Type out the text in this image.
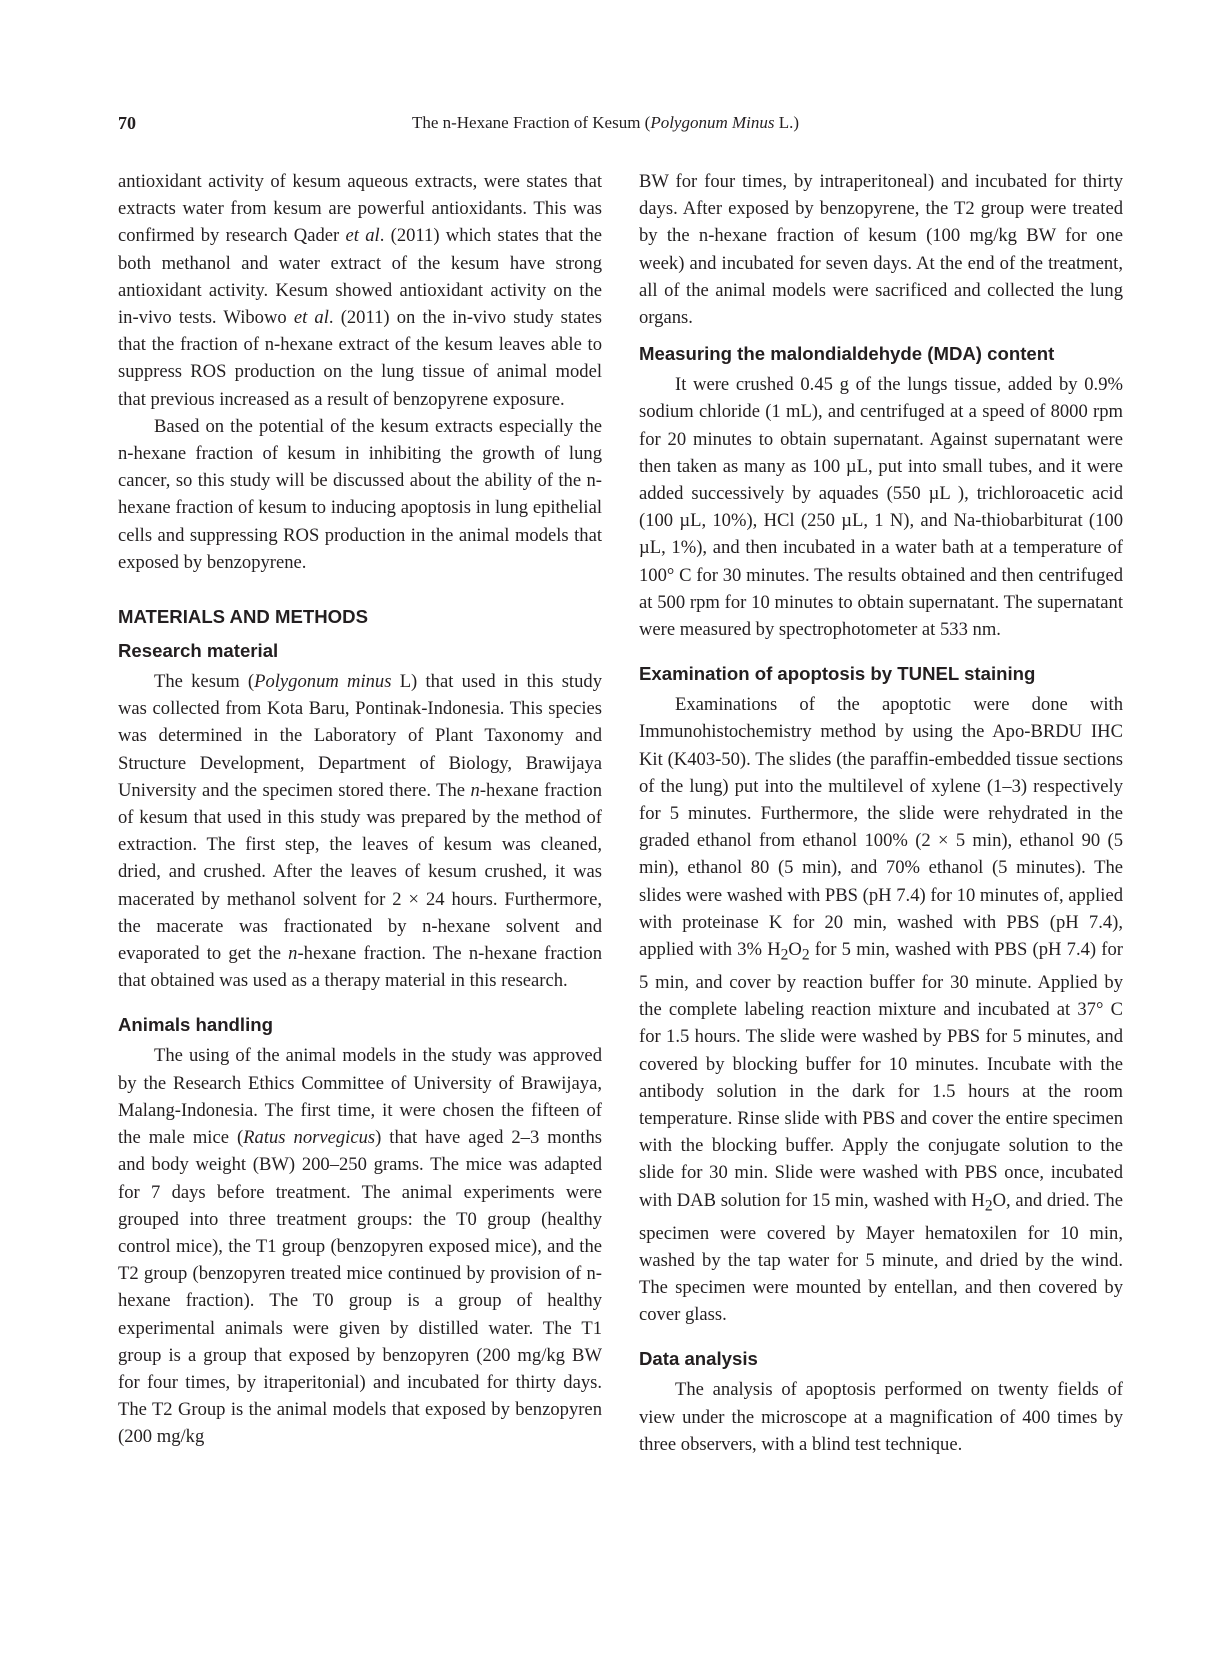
70	The n-Hexane Fraction of Kesum (Polygonum Minus L.)

antioxidant activity of kesum aqueous extracts, were states that extracts water from kesum are powerful antioxidants. This was confirmed by research Qader et al. (2011) which states that the both methanol and water extract of the kesum have strong antioxidant activity. Kesum showed antioxidant activity on the in-vivo tests. Wibowo et al. (2011) on the in-vivo study states that the fraction of n-hexane extract of the kesum leaves able to suppress ROS production on the lung tissue of animal model that previous increased as a result of benzopyrene exposure.

Based on the potential of the kesum extracts especially the n-hexane fraction of kesum in inhibiting the growth of lung cancer, so this study will be discussed about the ability of the n-hexane fraction of kesum to inducing apoptosis in lung epithelial cells and suppressing ROS production in the animal models that exposed by benzopyrene.

MATERIALS AND METHODS
Research material

The kesum (Polygonum minus L) that used in this study was collected from Kota Baru, Pontinak-Indonesia. This species was determined in the Laboratory of Plant Taxonomy and Structure Development, Department of Biology, Brawijaya University and the specimen stored there. The n-hexane fraction of kesum that used in this study was prepared by the method of extraction. The first step, the leaves of kesum was cleaned, dried, and crushed. After the leaves of kesum crushed, it was macerated by methanol solvent for 2 × 24 hours. Furthermore, the macerate was fractionated by n-hexane solvent and evaporated to get the n-hexane fraction. The n-hexane fraction that obtained was used as a therapy material in this research.

Animals handling

The using of the animal models in the study was approved by the Research Ethics Committee of University of Brawijaya, Malang-Indonesia. The first time, it were chosen the fifteen of the male mice (Ratus norvegicus) that have aged 2–3 months and body weight (BW) 200–250 grams. The mice was adapted for 7 days before treatment. The animal experiments were grouped into three treatment groups: the T0 group (healthy control mice), the T1 group (benzopyren exposed mice), and the T2 group (benzopyren treated mice continued by provision of n-hexane fraction). The T0 group is a group of healthy experimental animals were given by distilled water. The T1 group is a group that exposed by benzopyren (200 mg/kg BW for four times, by itraperitonial) and incubated for thirty days. The T2 Group is the animal models that exposed by benzopyren (200 mg/kg

BW for four times, by intraperitoneal) and incubated for thirty days. After exposed by benzopyrene, the T2 group were treated by the n-hexane fraction of kesum (100 mg/kg BW for one week) and incubated for seven days. At the end of the treatment, all of the animal models were sacrificed and collected the lung organs.

Measuring the malondialdehyde (MDA) content

It were crushed 0.45 g of the lungs tissue, added by 0.9% sodium chloride (1 mL), and centrifuged at a speed of 8000 rpm for 20 minutes to obtain supernatant. Against supernatant were then taken as many as 100 µL, put into small tubes, and it were added successively by aquades (550 µL ), trichloroacetic acid (100 µL, 10%), HCl (250 µL, 1 N), and Na-thiobarbiturat (100 µL, 1%), and then incubated in a water bath at a temperature of 100° C for 30 minutes. The results obtained and then centrifuged at 500 rpm for 10 minutes to obtain supernatant. The supernatant were measured by spectrophotometer at 533 nm.

Examination of apoptosis by TUNEL staining

Examinations of the apoptotic were done with Immunohistochemistry method by using the Apo-BRDU IHC Kit (K403-50). The slides (the paraffin-embedded tissue sections of the lung) put into the multilevel of xylene (1–3) respectively for 5 minutes. Furthermore, the slide were rehydrated in the graded ethanol from ethanol 100% (2 × 5 min), ethanol 90 (5 min), ethanol 80 (5 min), and 70% ethanol (5 minutes). The slides were washed with PBS (pH 7.4) for 10 minutes of, applied with proteinase K for 20 min, washed with PBS (pH 7.4), applied with 3% $H_2O_2$ for 5 min, washed with PBS (pH 7.4) for 5 min, and cover by reaction buffer for 30 minute. Applied by the complete labeling reaction mixture and incubated at 37° C for 1.5 hours. The slide were washed by PBS for 5 minutes, and covered by blocking buffer for 10 minutes. Incubate with the antibody solution in the dark for 1.5 hours at the room temperature. Rinse slide with PBS and cover the entire specimen with the blocking buffer. Apply the conjugate solution to the slide for 30 min. Slide were washed with PBS once, incubated with DAB solution for 15 min, washed with $H_2O$, and dried. The specimen were covered by Mayer hematoxilen for 10 min, washed by the tap water for 5 minute, and dried by the wind. The specimen were mounted by entellan, and then covered by cover glass.

Data analysis

The analysis of apoptosis performed on twenty fields of view under the microscope at a magnification of 400 times by three observers, with a blind test technique.
